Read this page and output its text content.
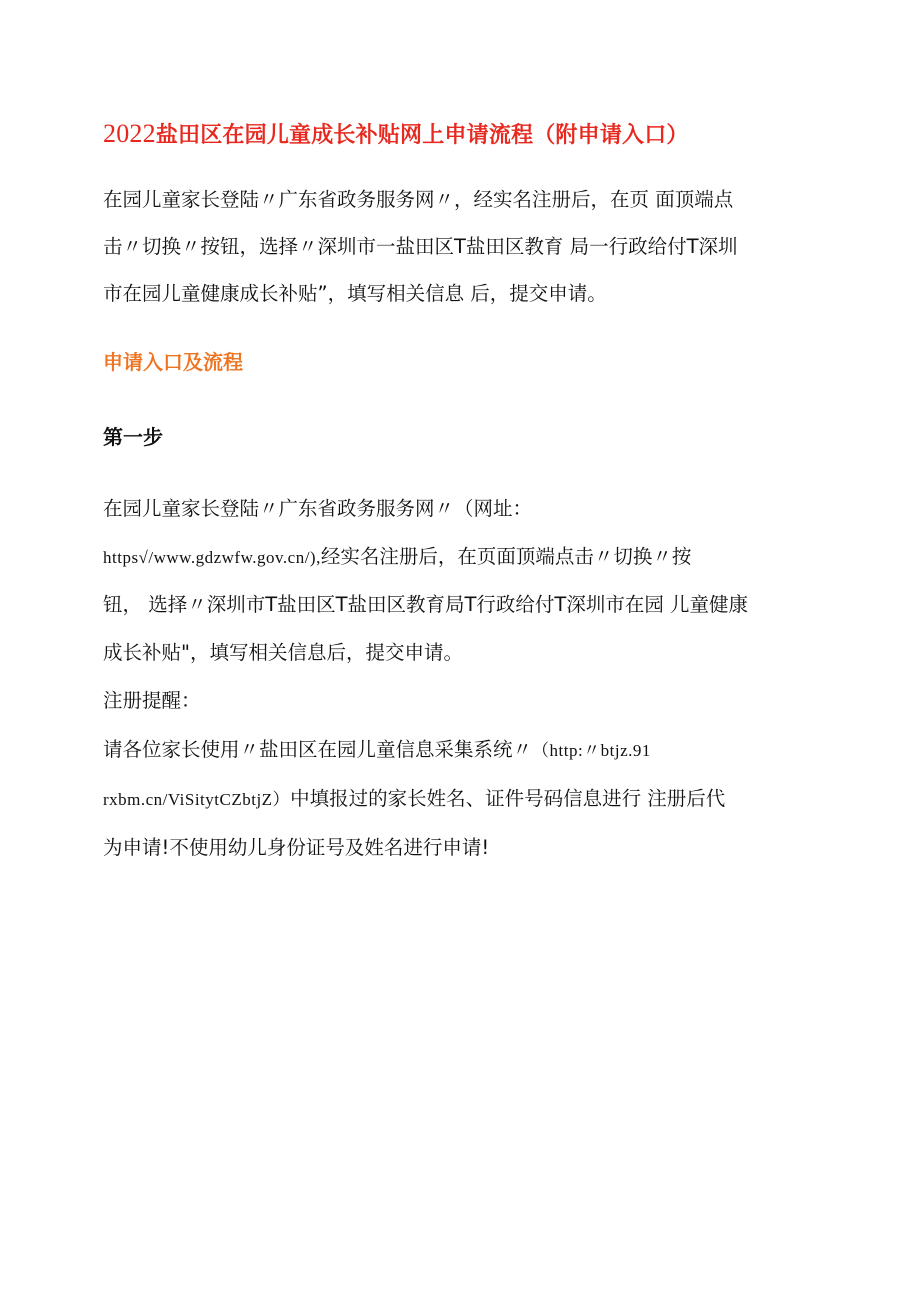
2022盐田区在园儿童成长补贴网上申请流程（附申请入口）
在园儿童家长登陆〃广东省政务服务网〃，经实名注册后，在页 面顶端点
击〃切换〃按钮，选择〃深圳市一盐田区T盐田区教育 局一行政给付T深圳
市在园儿童健康成长补贴”，填写相关信息 后，提交申请。
申请入口及流程
第一步
在园儿童家长登陆〃广东省政务服务网〃（网址：
https√/www.gdzwfw.gov.cn/),经实名注册后，在页面顶端点击〃切换〃按
钮， 选择〃深圳市T盐田区T盐田区教育局T行政给付T深圳市在园 儿童健康
成长补贴"，填写相关信息后，提交申请。
注册提醒：
请各位家长使用〃盐田区在园儿童信息采集系统〃（http:〃btjz.91
rxbm.cn/ViSitytCZbtjZ）中填报过的家长姓名、证件号码信息进行 注册后代
为申请!不使用幼儿身份证号及姓名进行申请!
